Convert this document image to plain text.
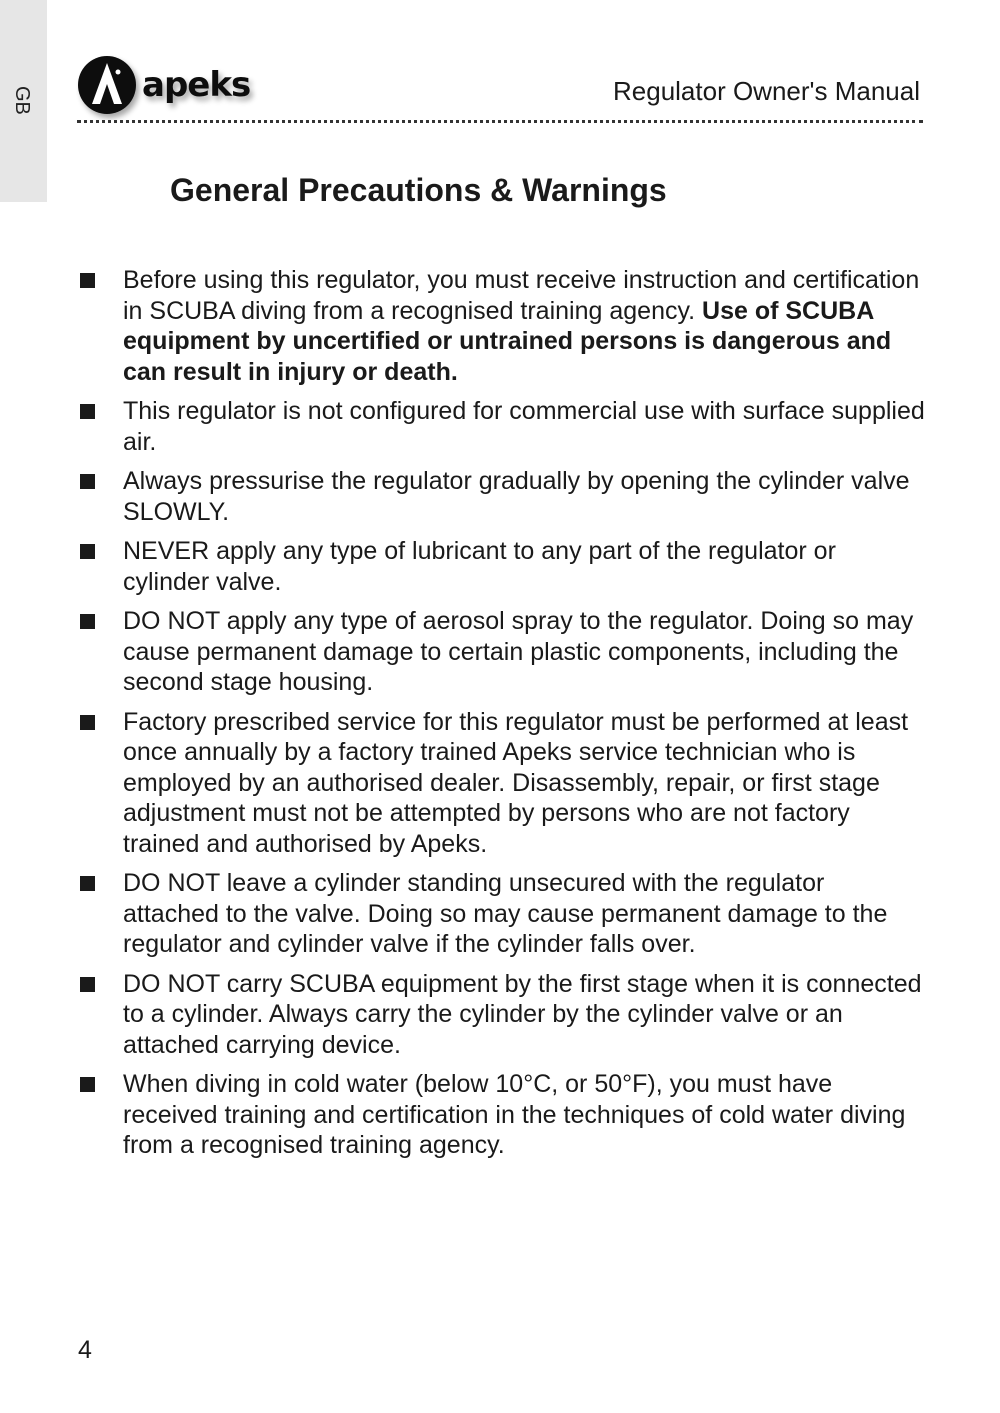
GB	apeks	Regulator Owner's Manual
General Precautions & Warnings
Before using this regulator, you must receive instruction and certification in SCUBA diving from a recognised training agency. Use of SCUBA equipment by uncertified or untrained persons is dangerous and can result in injury or death.
This regulator is not configured for commercial use with surface supplied air.
Always pressurise the regulator gradually by opening the cylinder valve SLOWLY.
NEVER apply any type of lubricant to any part of the regulator or cylinder valve.
DO NOT apply any type of aerosol spray to the regulator. Doing so may cause permanent damage to certain plastic components, including the second stage housing.
Factory prescribed service for this regulator must be performed at least once annually by a factory trained Apeks service technician who is employed by an authorised dealer. Disassembly, repair, or first stage adjustment must not be attempted by persons who are not factory trained and authorised by Apeks.
DO NOT leave a cylinder standing unsecured with the regulator attached to the valve. Doing so may cause permanent damage to the regulator and cylinder valve if the cylinder falls over.
DO NOT carry SCUBA equipment by the first stage when it is connected to a cylinder. Always carry the cylinder by the cylinder valve or an attached carrying device.
When diving in cold water (below 10°C, or 50°F), you must have received training and certification in the techniques of cold water diving from a recognised training agency.
4
